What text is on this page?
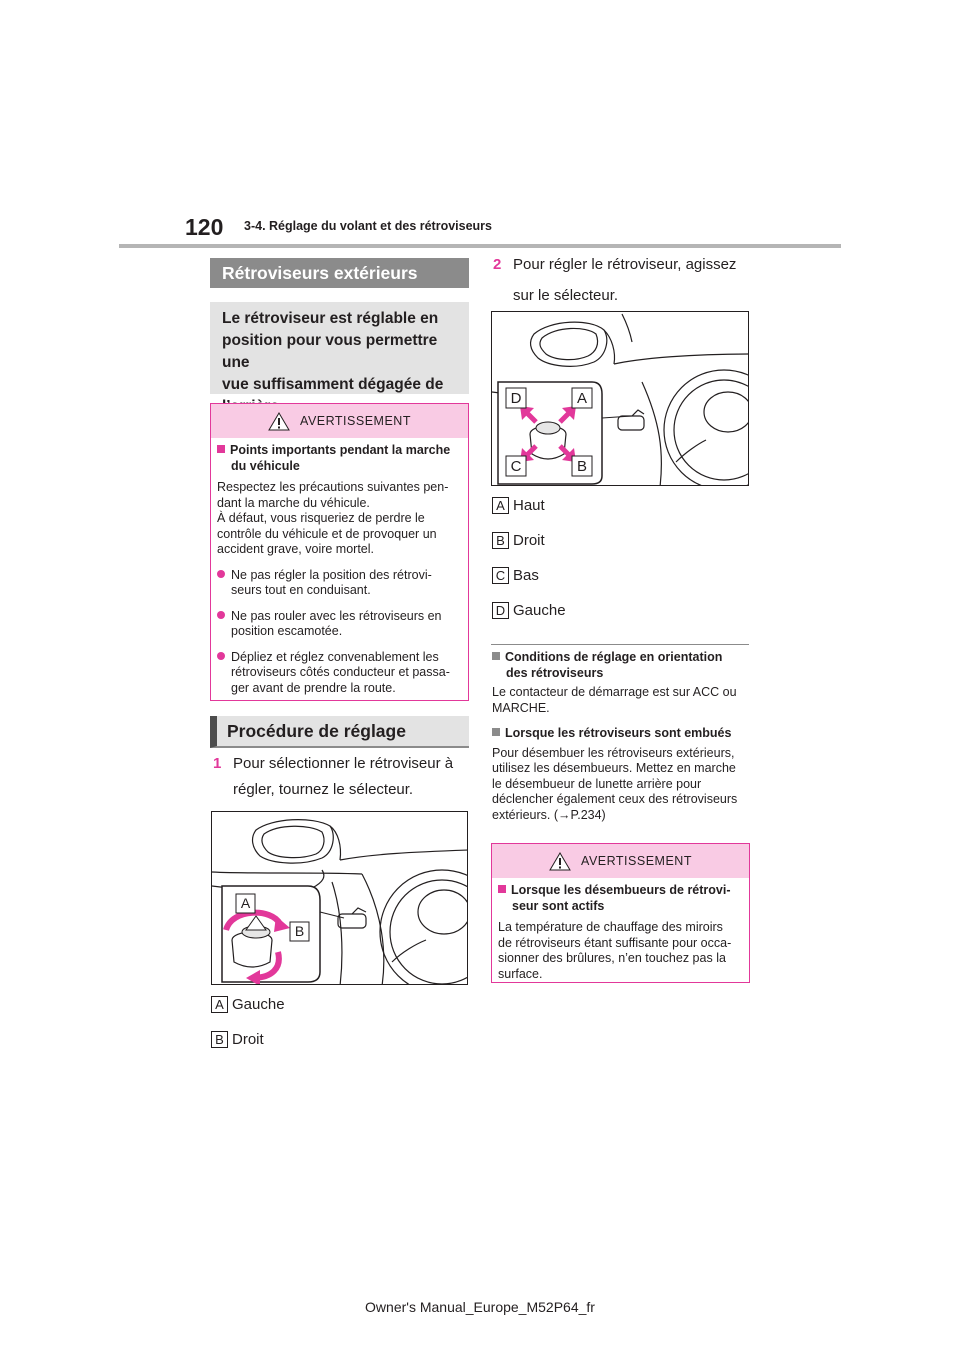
120 3-4. Réglage du volant et des rétroviseurs
Rétroviseurs extérieurs
Le rétroviseur est réglable en
position pour vous permettre une
vue suffisamment dégagée de
AVERTISSEMENT
Points importants pendant la marche
du véhicule
Respectez les précautions suivantes pen-
dant la marche du véhicule.
À défaut, vous risqueriez de perdre le
contrôle du véhicule et de provoquer un
accident grave, voire mortel.
Ne pas régler la position des rétrovi-
seurs tout en conduisant.
Ne pas rouler avec les rétroviseurs en
position escamotée.
Dépliez et réglez convenablement les
rétroviseurs côtés conducteur et passa-
ger avant de prendre la route.
Procédure de réglage
1 Pour sélectionner le rétroviseur à
régler, tournez le sélecteur.
A
B
A Gauche
B Droit
2 Pour régler le rétroviseur, agissez
sur le sélecteur.
D	A
C	B
A Haut
B Droit
C Bas
D Gauche
Conditions de réglage en orientation
des rétroviseurs
Le contacteur de démarrage est sur ACC ou
MARCHE.
Lorsque les rétroviseurs sont embués
Pour désembuer les rétroviseurs extérieurs,
utilisez les désembueurs. Mettez en marche
le désembueur de lunette arrière pour
déclencher également ceux des rétroviseurs
extérieurs. (→P.234)
AVERTISSEMENT
Lorsque les désembueurs de rétrovi-
seur sont actifs
La température de chauffage des miroirs
de rétroviseurs étant suffisante pour occa-
sionner des brûlures, n’en touchez pas la
surface.
Owner's Manual_Europe_M52P64_fr
